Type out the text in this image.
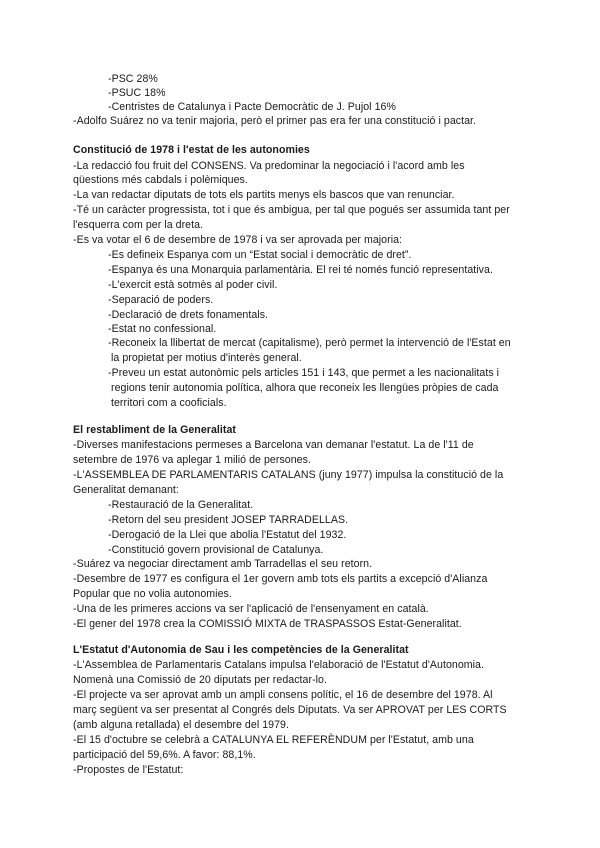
-PSC 28%
-PSUC 18%
-Centristes de Catalunya i Pacte Democràtic de J. Pujol 16%
-Adolfo Suárez no va tenir majoria, però el primer pas era fer una constitució i pactar.
Constitució de 1978 i l'estat de les autonomies
-La redacció fou fruit del CONSENS. Va predominar la negociació i l'acord amb les
qüestions més cabdals i polèmiques.
-La van redactar diputats de tots els partits menys els bascos que van renunciar.
-Té un caràcter progressista, tot i que és ambigua, per tal que pogués ser assumida tant per
l'esquerra com per la dreta.
-Es va votar el 6 de desembre de 1978 i va ser aprovada per majoria:
-Es defineix Espanya com un “Estat social i democràtic de dret”.
-Espanya és una Monarquia parlamentària. El rei té només funció representativa.
-L'exercit està sotmès al poder civil.
-Separació de poders.
-Declaració de drets fonamentals.
-Estat no confessional.
-Reconeix la llibertat de mercat (capitalisme), però permet la intervenció de l'Estat en
la propietat per motius d'interès general.
-Preveu un estat autonòmic pels articles 151 i 143, que permet a les nacionalitats i
regions tenir autonomia política, alhora que reconeix les llengües pròpies de cada
territori com a cooficials.
El restabliment de la Generalitat
-Diverses manifestacions permeses a Barcelona van demanar l'estatut. La de l'11 de
setembre de 1976 va aplegar 1 milió de persones.
-L'ASSEMBLEA DE PARLAMENTARIS CATALANS (juny 1977) impulsa la constitució de la
Generalitat demanant:
-Restauració de la Generalitat.
-Retorn del seu president JOSEP TARRADELLAS.
-Derogació de la Llei que abolia l'Estatut del 1932.
-Constitució govern provisional de Catalunya.
-Suárez va negociar directament amb Tarradellas el seu retorn.
-Desembre de 1977 es configura el 1er govern amb tots els partits a excepció d'Alianza
Popular que no volia autonomies.
-Una de les primeres accions va ser l'aplicació de l'ensenyament en català.
-El gener del 1978 crea la COMISSIÓ MIXTA de TRASPASSOS Estat-Generalitat.
L'Estatut d'Autonomia de Sau i les competències de la Generalitat
-L'Assemblea de Parlamentaris Catalans impulsa l'elaboració de l'Estatut d'Autonomia.
Nomenà una Comissió de 20 diputats per redactar-lo.
-El projecte va ser aprovat amb un ampli consens polític, el 16 de desembre del 1978. Al
març següent va ser presentat al Congrés dels Diputats. Va ser APROVAT per LES CORTS
(amb alguna retallada) el desembre del 1979.
-El 15 d'octubre se celebrà a CATALUNYA EL REFERÈNDUM per l'Estatut, amb una
participació del 59,6%. A favor: 88,1%.
-Propostes de l'Estatut:
